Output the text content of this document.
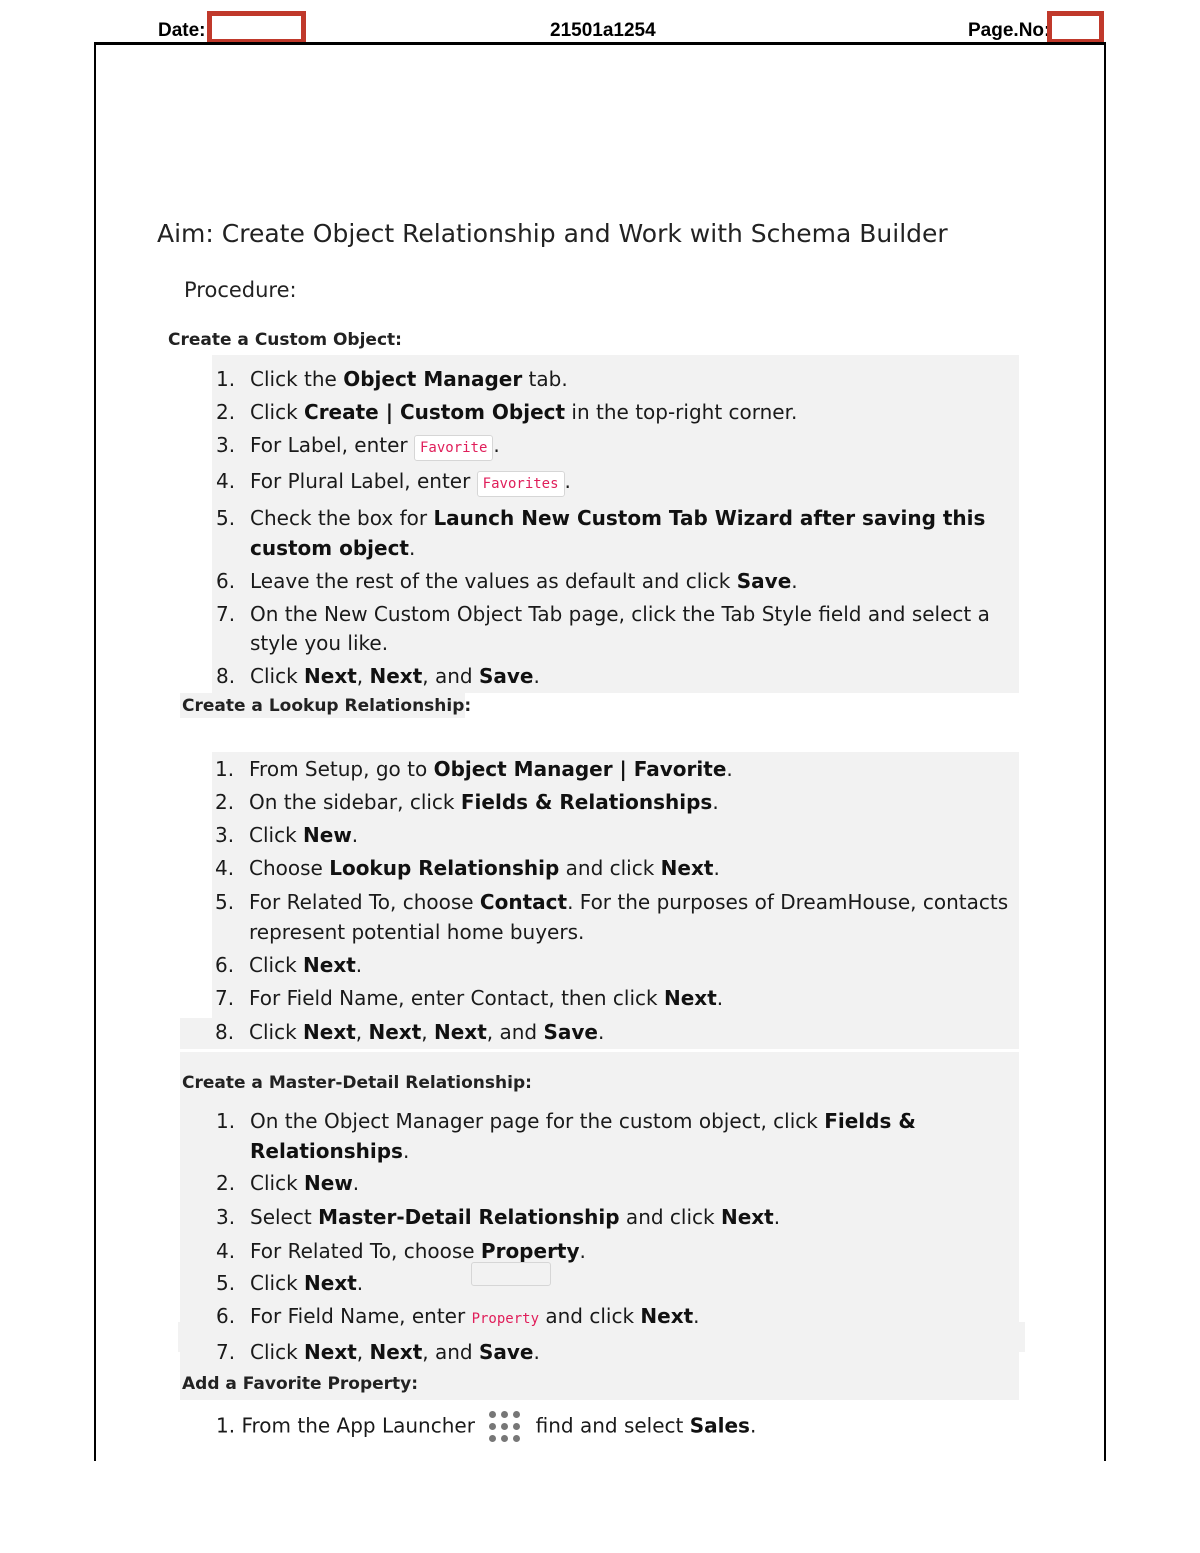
Date:	21501a1254	Page.No:
Aim: Create Object Relationship and Work with Schema Builder
Procedure:
Create a Custom Object:
1. Click the Object Manager tab.
2. Click Create | Custom Object in the top-right corner.
3. For Label, enter Favorite .
4. For Plural Label, enter Favorites .
5. Check the box for Launch New Custom Tab Wizard after saving this
custom object.
6. Leave the rest of the values as default and click Save.
7. On the New Custom Object Tab page, click the Tab Style field and select a
style you like.
8. Click Next, Next, and Save.
Create a Lookup Relationship:
1. From Setup, go to Object Manager | Favorite.
2. On the sidebar, click Fields & Relationships.
3. Click New.
4. Choose Lookup Relationship and click Next.
5. For Related To, choose Contact. For the purposes of DreamHouse, contacts
represent potential home buyers.
6. Click Next.
7. For Field Name, enter Contact, then click Next.
8. Click Next, Next, Next, and Save.
Create a Master-Detail Relationship:
1. On the Object Manager page for the custom object, click Fields &
Relationships.
2. Click New.
3. Select Master-Detail Relationship and click Next.
4. For Related To, choose Property.
5. Click Next.
6. For Field Name, enter Property and click Next.
7. Click Next, Next, and Save.
Add a Favorite Property:
1. From the App Launcher
find and select Sales.
